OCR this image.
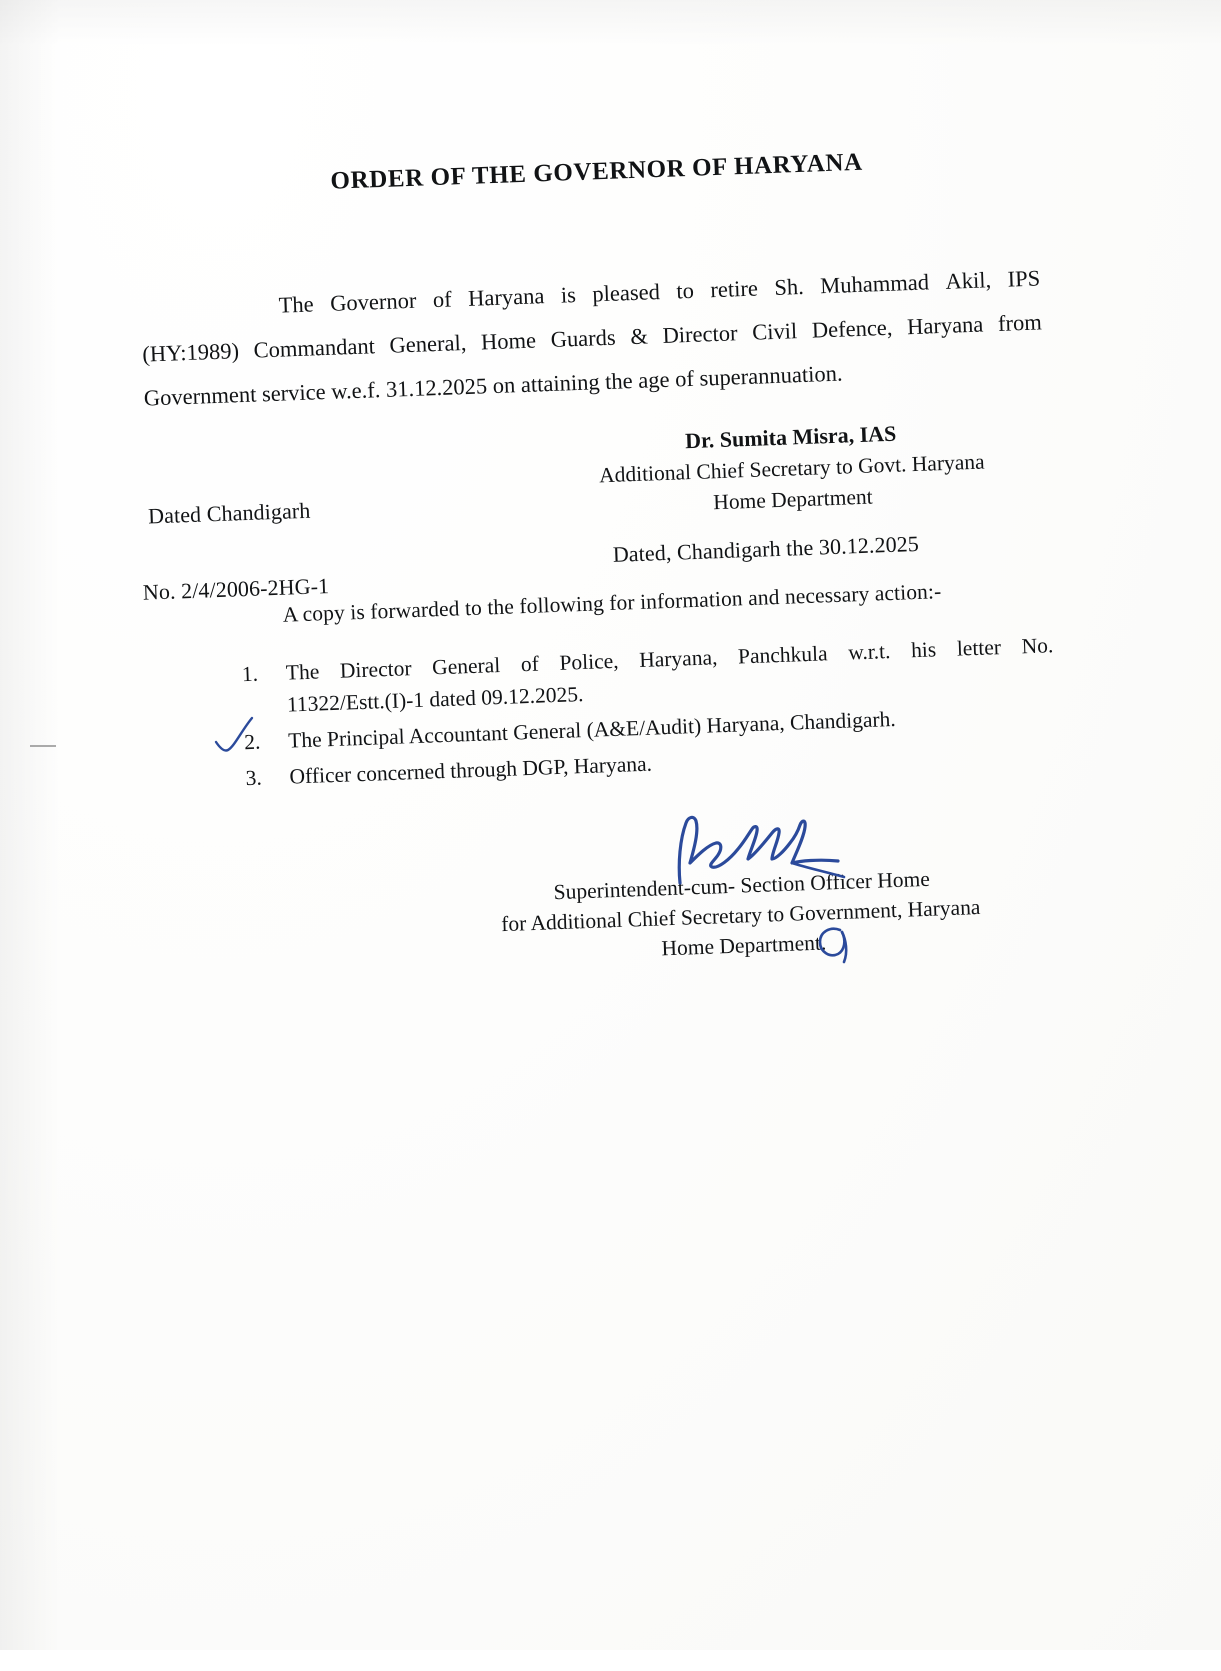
ORDER OF THE GOVERNOR OF HARYANA
The Governor of Haryana is pleased to retire Sh. Muhammad Akil, IPS
(HY:1989) Commandant General, Home Guards & Director Civil Defence, Haryana from
Government service w.e.f. 31.12.2025 on attaining the age of superannuation.
Dr. Sumita Misra, IAS
Additional Chief Secretary to Govt. Haryana
Home Department
Dated Chandigarh
Dated, Chandigarh the 30.12.2025
No. 2/4/2006-2HG-1
A copy is forwarded to the following for information and necessary action:-
1.	The Director General of Police, Haryana, Panchkula w.r.t. his letter No.
11322/Estt.(I)-1 dated 09.12.2025.
2.	The Principal Accountant General (A&E/Audit) Haryana, Chandigarh.
3.	Officer concerned through DGP, Haryana.
Superintendent-cum- Section Officer Home
for Additional Chief Secretary to Government, Haryana
Home Department.
